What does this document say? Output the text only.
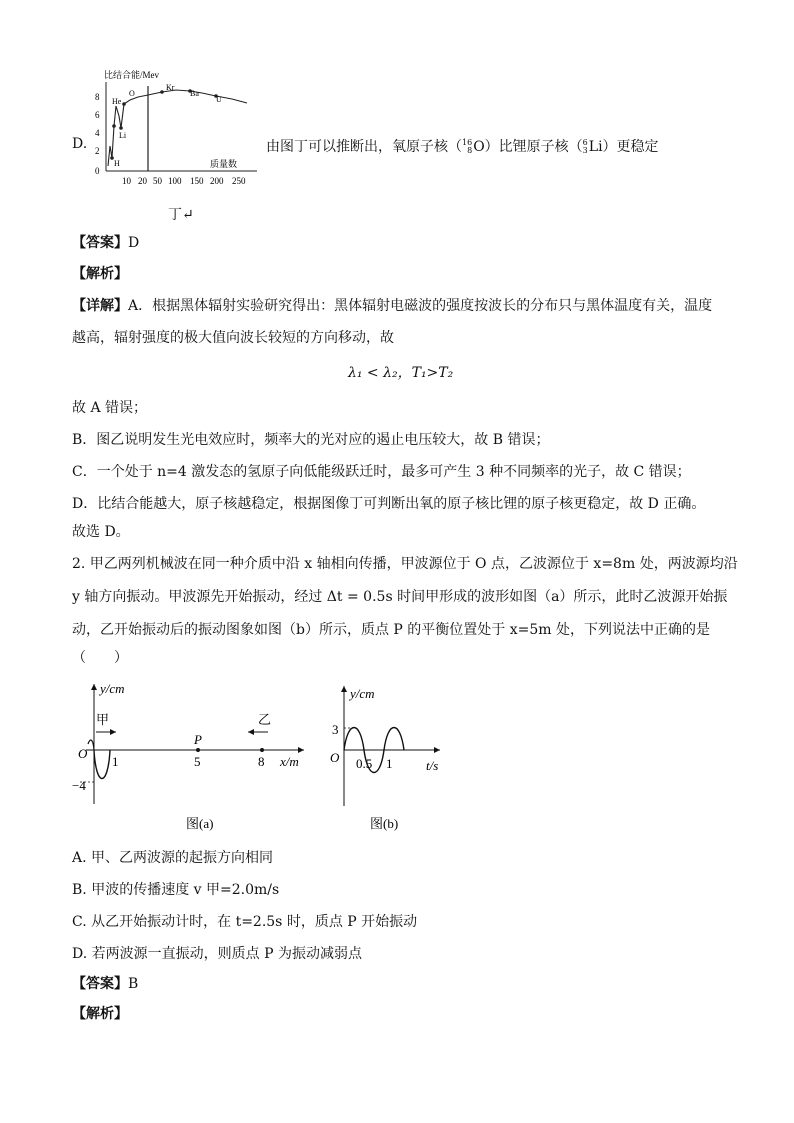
D.
比结合能/Mev
8
6
4
2
0
He
O
Kr
Ba
U
Li
H	质量数
10 20 50 100 150 200 250
由图丁可以推断出，氧原子核（ 16
8 O）比锂原子核（ 6
3 Li）更稳定
丁↵
【答案】D
【解析】
【详解】A．根据黑体辐射实验研究得出：黑体辐射电磁波的强度按波长的分布只与黑体温度有关，温度
越高，辐射强度的极大值向波长较短的方向移动，故
λ₁ < λ₂，T₁>T₂
故 A 错误；
B．图乙说明发生光电效应时，频率大的光对应的遏止电压较大，故 B 错误；
C．一个处于 n=4 激发态的氢原子向低能级跃迁时，最多可产生 3 种不同频率的光子，故 C 错误；
D．比结合能越大，原子核越稳定，根据图像丁可判断出氧的原子核比锂的原子核更稳定，故 D 正确。
故选 D。
2. 甲乙两列机械波在同一种介质中沿 x 轴相向传播，甲波源位于 O 点，乙波源位于 x=8m 处，两波源均沿
y 轴方向振动。甲波源先开始振动，经过 Δt = 0.5s 时间甲形成的波形如图（a）所示，此时乙波源开始振
动，乙开始振动后的振动图象如图（b）所示，质点 P 的平衡位置处于 x=5m 处，下列说法中正确的是
（　　）
y/cm
O
x/m
甲	乙
−4
1
P
5	8
图(a)
y/cm
O
t/s
3
0.5 1
图(b)
A. 甲、乙两波源的起振方向相同
B. 甲波的传播速度 v 甲=2.0m/s
C. 从乙开始振动计时，在 t=2.5s 时，质点 P 开始振动
D. 若两波源一直振动，则质点 P 为振动减弱点
【答案】B
【解析】
